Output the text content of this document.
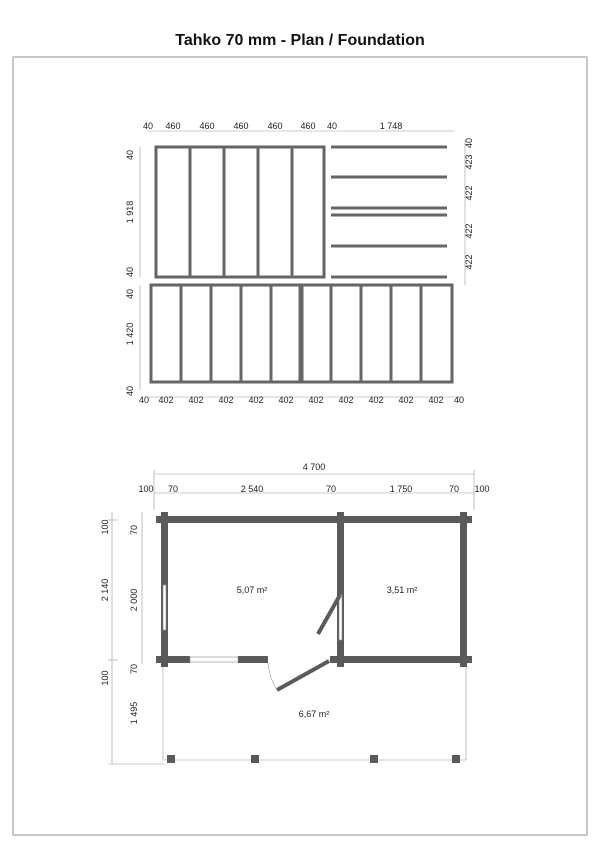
Tahko 70 mm - Plan / Foundation
40 460 460 460 460 460 40	1 748
40
423
422
422
422
40
1 918
40
40
1 420
40
40 402 402 402 402 402 402 402 402 402 402 40
4 700
100 70	2 540	70	1 750	70 100
100 70
2 140 2 000
100
70
1 495
5,07 m²	3,51 m²
6,67 m²
